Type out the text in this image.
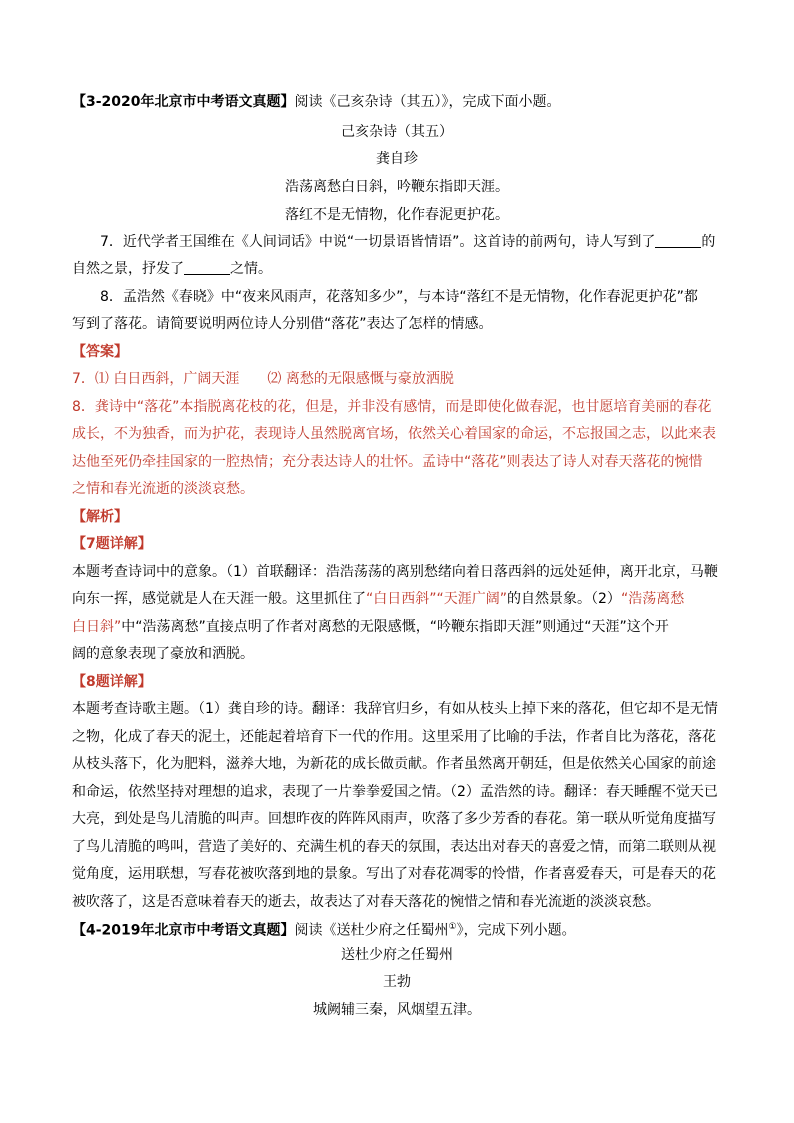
【3-2020年北京市中考语文真题】阅读《己亥杂诗（其五）》，完成下面小题。
己亥杂诗（其五）
龚自珍
浩荡离愁白日斜，吟鞭东指即天涯。
落红不是无情物，化作春泥更护花。
7．近代学者王国维在《人间词话》中说“一切景语皆情语”。这首诗的前两句，诗人写到了	的
自然之景，抒发了	之情。
8．孟浩然《春晓》中“夜来风雨声，花落知多少”，与本诗“落红不是无情物，化作春泥更护花”都
写到了落花。请简要说明两位诗人分别借“落花”表达了怎样的情感。
【答案】
7．⑴ 白日西斜，广阔天涯 ⑵ 离愁的无限感慨与豪放洒脱
8．龚诗中“落花”本指脱离花枝的花，但是，并非没有感情，而是即使化做春泥，也甘愿培育美丽的春花
成长，不为独香，而为护花，表现诗人虽然脱离官场，依然关心着国家的命运，不忘报国之志，以此来表
达他至死仍牵挂国家的一腔热情；充分表达诗人的壮怀。孟诗中“落花”则表达了诗人对春天落花的惋惜
之情和春光流逝的淡淡哀愁。
【解析】
【7题详解】
本题考查诗词中的意象。（1）首联翻译：浩浩荡荡的离别愁绪向着日落西斜的远处延伸，离开北京，马鞭
向东一挥，感觉就是人在天涯一般。这里抓住了“白日西斜”“天涯广阔”的自然景象。（2）“浩荡离愁
白日斜”中“浩荡离愁”直接点明了作者对离愁的无限感慨，“吟鞭东指即天涯”则通过“天涯”这个开
阔的意象表现了豪放和洒脱。
【8题详解】
本题考查诗歌主题。（1）龚自珍的诗。翻译：我辞官归乡，有如从枝头上掉下来的落花，但它却不是无情
之物，化成了春天的泥土，还能起着培育下一代的作用。这里采用了比喻的手法，作者自比为落花，落花
从枝头落下，化为肥料，滋养大地，为新花的成长做贡献。作者虽然离开朝廷，但是依然关心国家的前途
和命运，依然坚持对理想的追求，表现了一片拳拳爱国之情。（2）孟浩然的诗。翻译：春天睡醒不觉天已
大亮，到处是鸟儿清脆的叫声。回想昨夜的阵阵风雨声，吹落了多少芳香的春花。第一联从听觉角度描写
了鸟儿清脆的鸣叫，营造了美好的、充满生机的春天的氛围，表达出对春天的喜爱之情，而第二联则从视
觉角度，运用联想，写春花被吹落到地的景象。写出了对春花凋零的怜惜，作者喜爱春天，可是春天的花
被吹落了，这是否意味着春天的逝去，故表达了对春天落花的惋惜之情和春光流逝的淡淡哀愁。
【4-2019年北京市中考语文真题】阅读《送杜少府之任蜀州①》，完成下列小题。
送杜少府之任蜀州
王勃
城阙辅三秦，风烟望五津。
